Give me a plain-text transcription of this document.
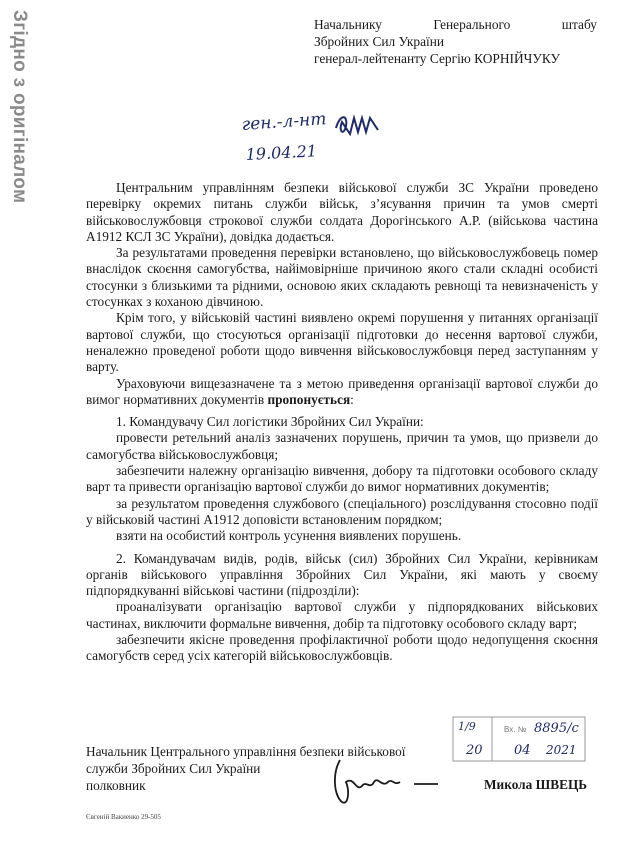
Згідно з оригіналом	Начальнику	Генерального	штабу
Збройних Сил України
генерал-лейтенанту Сергію КОРНІЙЧУКУ
ген.-л-нт
19.04.21

Центральним управлінням безпеки військової служби ЗС України проведено перевірку окремих питань служби військ, з’ясування причин та умов смерті військовослужбовця строкової служби солдата Дорогінського А.Р. (військова частина А1912 КСЛ ЗС України), довідка додається.

За результатами проведення перевірки встановлено, що військовослужбовець помер внаслідок скоєння самогубства, найімовірніше причиною якого стали складні особисті стосунки з близькими та рідними, основою яких складають ревнощі та невизначеність у стосунках з коханою дівчиною.

Крім того, у військовій частині виявлено окремі порушення у питаннях організації вартової служби, що стосуються організації підготовки до несення вартової служби, неналежно проведеної роботи щодо вивчення військовослужбовця перед заступанням у варту.

Ураховуючи вищезазначене та з метою приведення організації вартової служби до вимог нормативних документів пропонується:

1. Командувачу Сил логістики Збройних Сил України:

провести ретельний аналіз зазначених порушень, причин та умов, що призвели до самогубства військовослужбовця;

забезпечити належну організацію вивчення, добору та підготовки особового складу варт та привести організацію вартової служби до вимог нормативних документів;

за результатом проведення службового (спеціального) розслідування стосовно події у військовій частині А1912 доповісти встановленим порядком;

взяти на особистий контроль усунення виявлених порушень.

2. Командувачам видів, родів, військ (сил) Збройних Сил України, керівникам органів військового управління Збройних Сил України, які мають у своєму підпорядкуванні військові частини (підрозділи):

проаналізувати організацію вартової служби у підпорядкованих військових частинах, виключити формальне вивчення, добір та підготовку особового складу варт;

забезпечити якісне проведення профілактичної роботи щодо недопущення скоєння самогубств серед усіх категорій військовослужбовців.

1/9	Вх. № 8895/с
20 04 2021
Начальник Центрального управління безпеки військової
служби Збройних Сил України
полковник	Микола ШВЕЦЬ
Євгеній Вакиенко 29-505
